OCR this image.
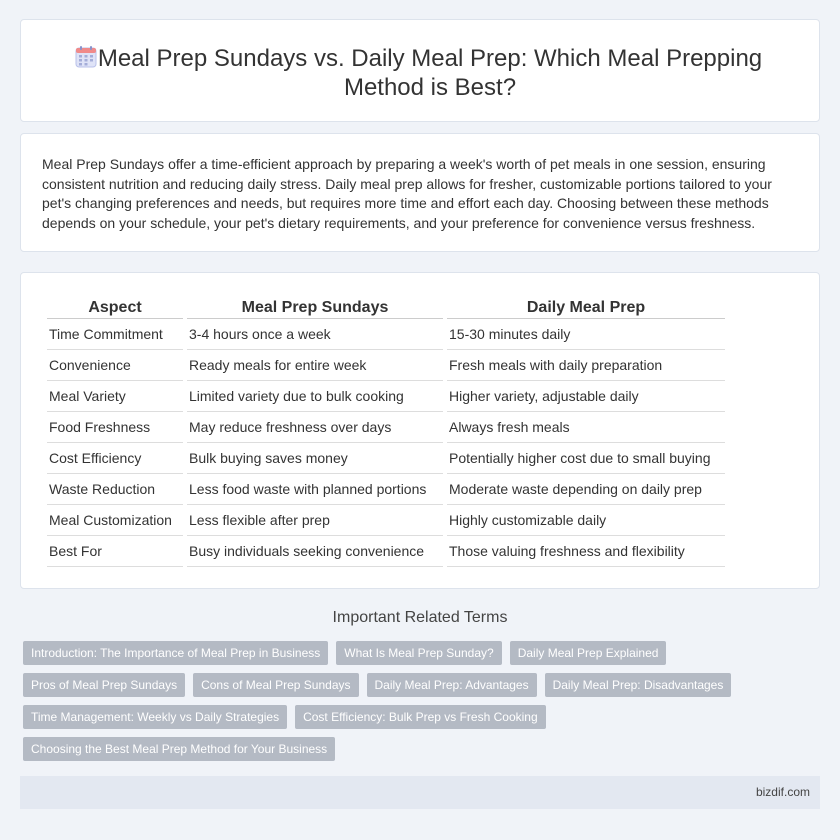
Meal Prep Sundays vs. Daily Meal Prep: Which Meal Prepping Method is Best?

Meal Prep Sundays offer a time-efficient approach by preparing a week's worth of pet meals in one session, ensuring consistent nutrition and reducing daily stress. Daily meal prep allows for fresher, customizable portions tailored to your pet's changing preferences and needs, but requires more time and effort each day. Choosing between these methods depends on your schedule, your pet's dietary requirements, and your preference for convenience versus freshness.

Aspect	Meal Prep Sundays	Daily Meal Prep
Time Commitment	3-4 hours once a week	15-30 minutes daily
Convenience	Ready meals for entire week	Fresh meals with daily preparation
Meal Variety	Limited variety due to bulk cooking	Higher variety, adjustable daily
Food Freshness	May reduce freshness over days	Always fresh meals
Cost Efficiency	Bulk buying saves money	Potentially higher cost due to small buying
Waste Reduction	Less food waste with planned portions	Moderate waste depending on daily prep
Meal Customization	Less flexible after prep	Highly customizable daily
Best For	Busy individuals seeking convenience	Those valuing freshness and flexibility
Important Related Terms
Introduction: The Importance of Meal Prep in Business	What Is Meal Prep Sunday?	Daily Meal Prep Explained
Pros of Meal Prep Sundays	Cons of Meal Prep Sundays	Daily Meal Prep: Advantages	Daily Meal Prep: Disadvantages
Time Management: Weekly vs Daily Strategies	Cost Efficiency: Bulk Prep vs Fresh Cooking
Choosing the Best Meal Prep Method for Your Business
bizdif.com
